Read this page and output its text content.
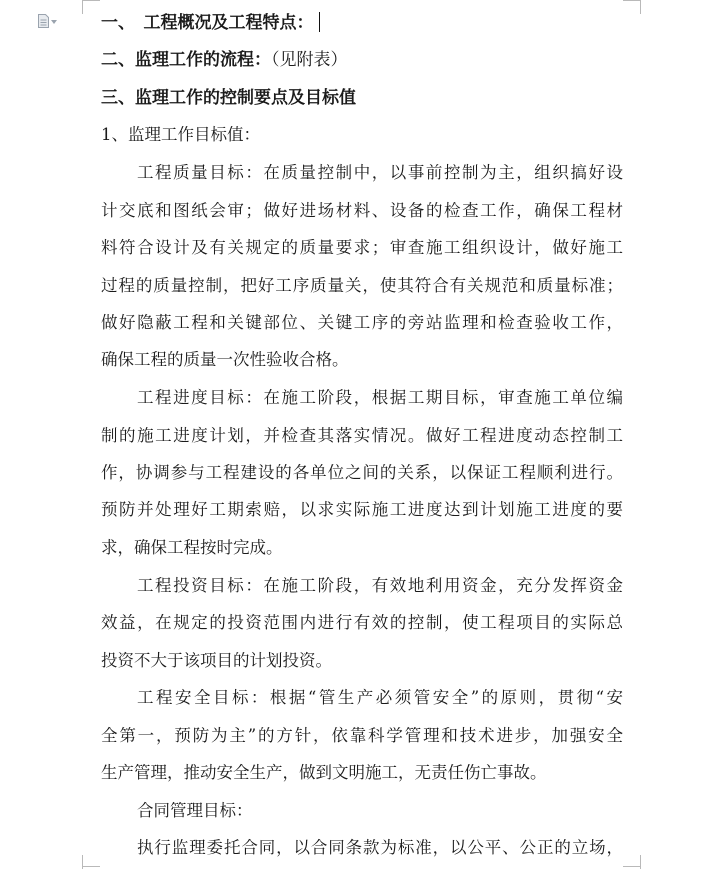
一、　工程概况及工程特点：
二、监理工作的流程：（见附表）
三、监理工作的控制要点及目标值
1、监理工作目标值：
工程质量目标：在质量控制中，以事前控制为主，组织搞好设
计交底和图纸会审；做好进场材料、设备的检查工作，确保工程材
料符合设计及有关规定的质量要求；审查施工组织设计，做好施工
过程的质量控制，把好工序质量关，使其符合有关规范和质量标准；
做好隐蔽工程和关键部位、关键工序的旁站监理和检查验收工作，
确保工程的质量一次性验收合格。
工程进度目标：在施工阶段，根据工期目标，审查施工单位编
制的施工进度计划，并检查其落实情况。做好工程进度动态控制工
作，协调参与工程建设的各单位之间的关系，以保证工程顺利进行。
预防并处理好工期索赔，以求实际施工进度达到计划施工进度的要
求，确保工程按时完成。
工程投资目标：在施工阶段，有效地利用资金，充分发挥资金
效益，在规定的投资范围内进行有效的控制，使工程项目的实际总
投资不大于该项目的计划投资。
工程安全目标：根据“管生产必须管安全”的原则，贯彻“安
全第一，预防为主”的方针，依靠科学管理和技术进步，加强安全
生产管理，推动安全生产，做到文明施工，无责任伤亡事故。
合同管理目标：
执行监理委托合同，以合同条款为标准，以公平、公正的立场，
